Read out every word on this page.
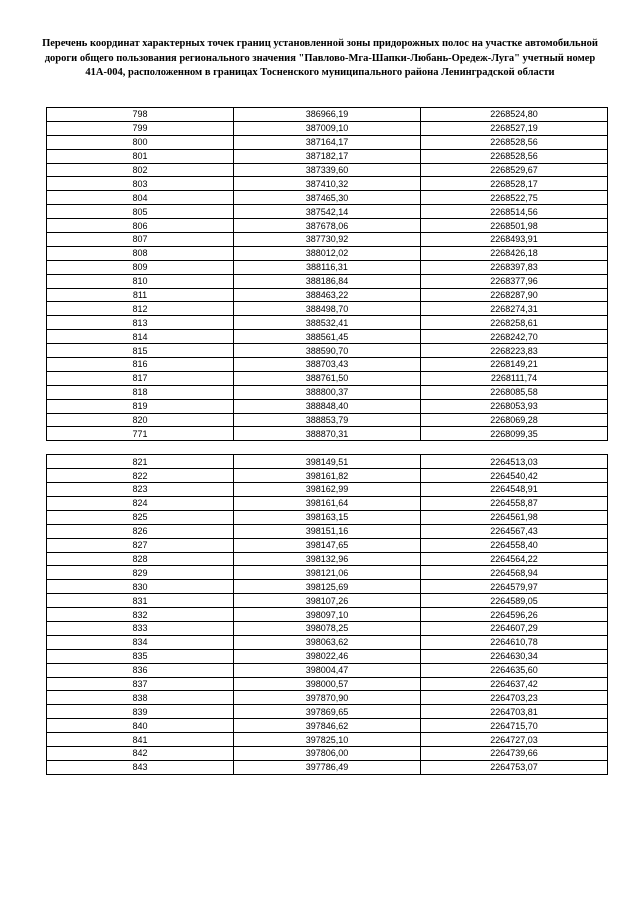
Перечень координат характерных точек границ установленной зоны придорожных полос на участке автомобильной дороги общего пользования регионального значения "Павлово-Мга-Шапки-Любань-Оредеж-Луга" учетный номер 41А-004, расположенном в границах Тосненского муниципального района Ленинградской области
798	386966,19	2268524,80
799	387009,10	2268527,19
800	387164,17	2268528,56
801	387182,17	2268528,56
802	387339,60	2268529,67
803	387410,32	2268528,17
804	387465,30	2268522,75
805	387542,14	2268514,56
806	387678,06	2268501,98
807	387730,92	2268493,91
808	388012,02	2268426,18
809	388116,31	2268397,83
810	388186,84	2268377,96
811	388463,22	2268287,90
812	388498,70	2268274,31
813	388532,41	2268258,61
814	388561,45	2268242,70
815	388590,70	2268223,83
816	388703,43	2268149,21
817	388761,50	2268111,74
818	388800,37	2268085,58
819	388848,40	2268053,93
820	388853,79	2268069,28
771	388870,31	2268099,35

821	398149,51	2264513,03
822	398161,82	2264540,42
823	398162,99	2264548,91
824	398161,64	2264558,87
825	398163,15	2264561,98
826	398151,16	2264567,43
827	398147,65	2264558,40
828	398132,96	2264564,22
829	398121,06	2264568,94
830	398125,69	2264579,97
831	398107,26	2264589,05
832	398097,10	2264596,26
833	398078,25	2264607,29
834	398063,62	2264610,78
835	398022,46	2264630,34
836	398004,47	2264635,60
837	398000,57	2264637,42
838	397870,90	2264703,23
839	397869,65	2264703,81
840	397846,62	2264715,70
841	397825,10	2264727,03
842	397806,00	2264739,66
843	397786,49	2264753,07
